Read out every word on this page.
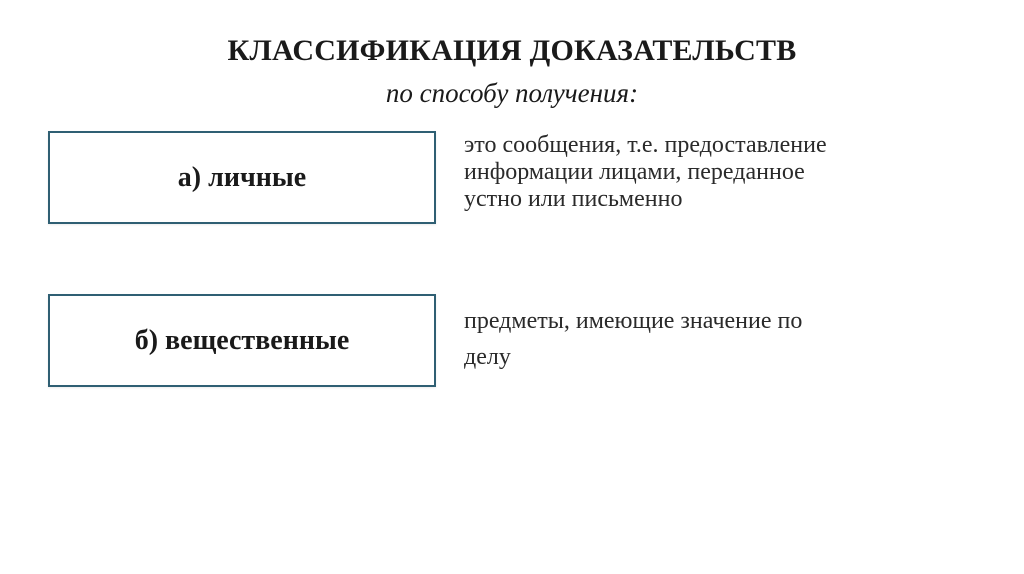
КЛАССИФИКАЦИЯ ДОКАЗАТЕЛЬСТВ
по способу получения:
а) личные
это сообщения, т.е. предоставление
информации лицами, переданное
устно или письменно
б) вещественные
предметы, имеющие значение по
делу
